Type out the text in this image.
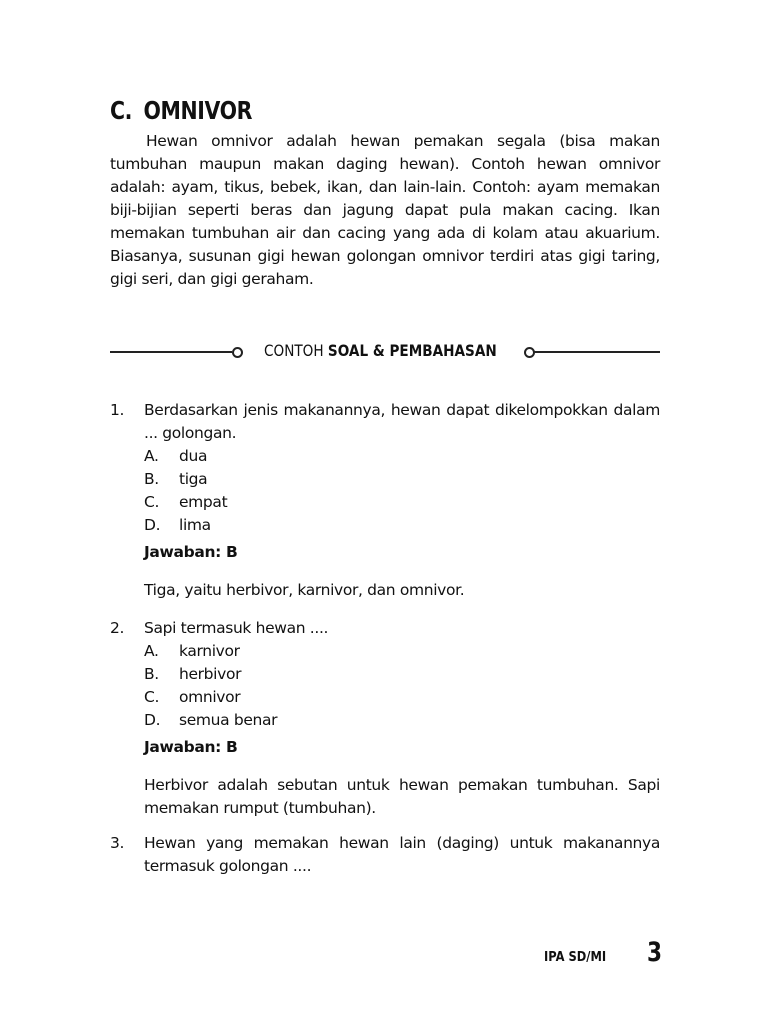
C. OMNIVOR

Hewan omnivor adalah hewan pemakan segala (bisa makan tumbuhan maupun makan daging hewan). Contoh hewan omnivor adalah: ayam, tikus, bebek, ikan, dan lain-lain. Contoh: ayam memakan biji-bijian seperti beras dan jagung dapat pula makan cacing. Ikan memakan tumbuhan air dan cacing yang ada di kolam atau akuarium. Biasanya, susunan gigi hewan golongan omnivor terdiri atas gigi taring, gigi seri, dan gigi geraham.

CONTOH SOAL & PEMBAHASAN
1. Berdasarkan jenis makanannya, hewan dapat dikelompokkan dalam ... golongan.
A. dua
B. tiga
C. empat
D. lima
Jawaban: B
Tiga, yaitu herbivor, karnivor, dan omnivor.
2. Sapi termasuk hewan ....
A. karnivor
B. herbivor
C. omnivor
D. semua benar
Jawaban: B
Herbivor adalah sebutan untuk hewan pemakan tumbuhan. Sapi memakan rumput (tumbuhan).
3. Hewan yang memakan hewan lain (daging) untuk makanannya termasuk golongan ....
IPA SD/MI 3
